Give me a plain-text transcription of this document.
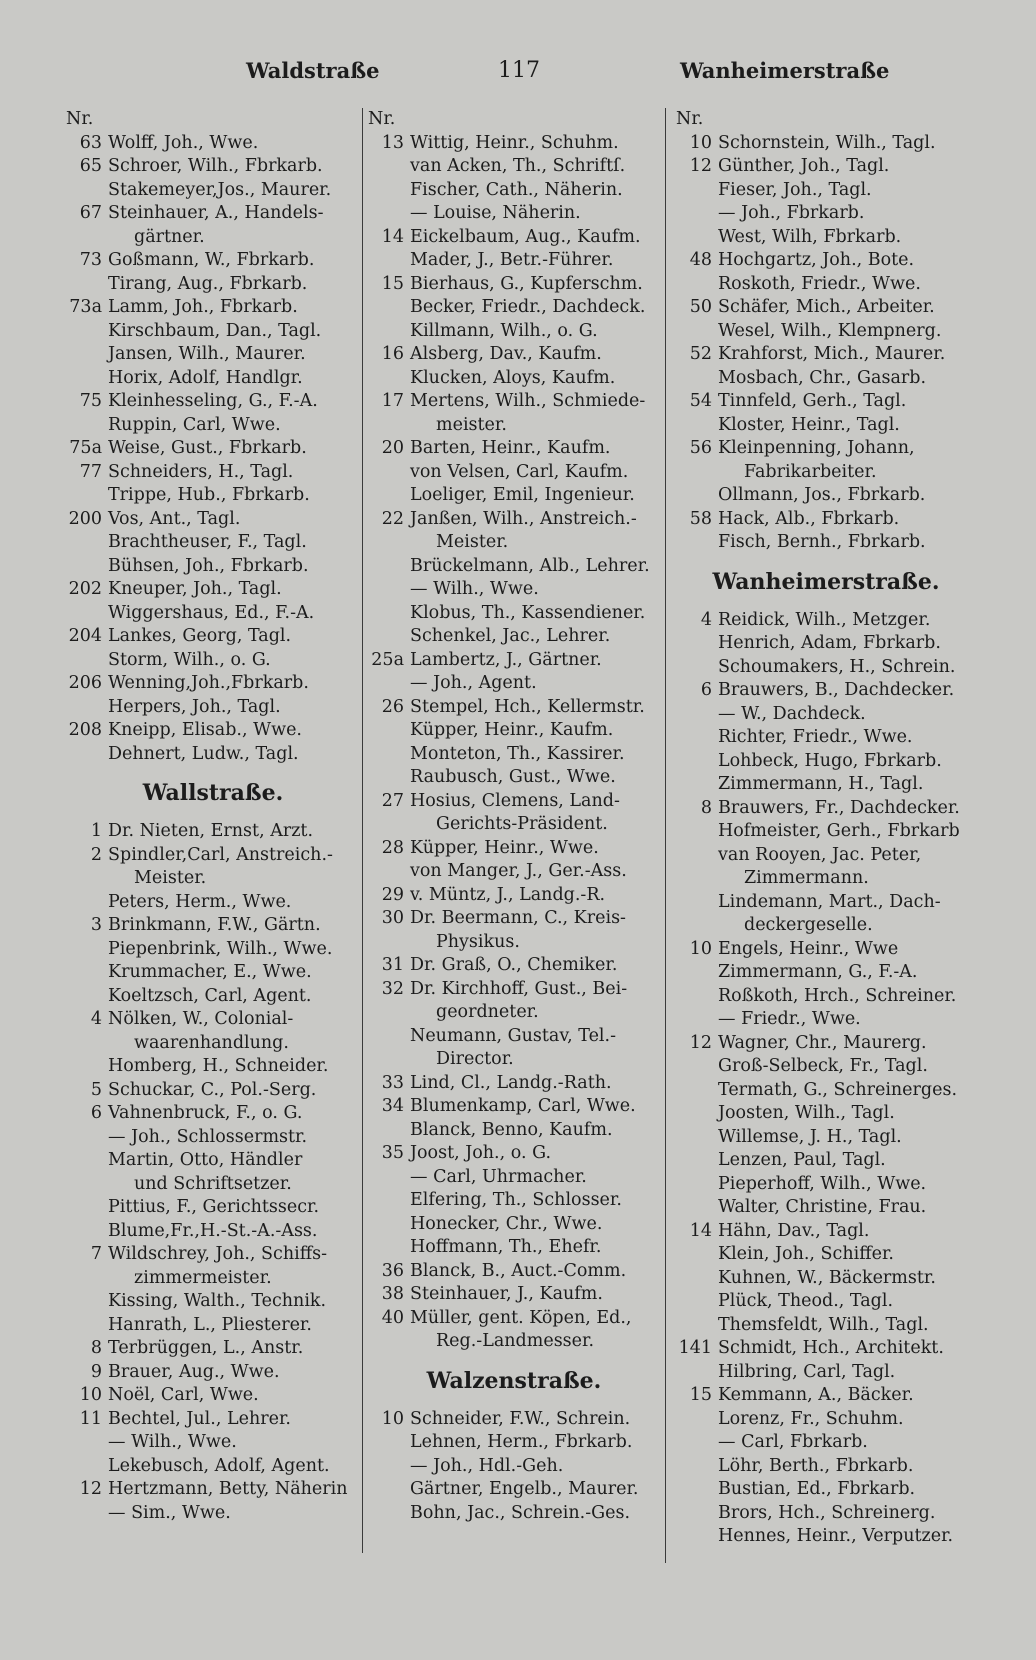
Waldstraße	117	Wanheimerstraße
Nr.
63 Wolff, Joh., Wwe.
65 Schroer, Wilh., Fbrkarb.
Stakemeyer,Jos., Maurer.
67 Steinhauer, A., Handels-
gärtner.
73 Goßmann, W., Fbrkarb.
Tirang, Aug., Fbrkarb.
73a Lamm, Joh., Fbrkarb.
Kirschbaum, Dan., Tagl.
Jansen, Wilh., Maurer.
Horix, Adolf, Handlgr.
75 Kleinhesseling, G., F.-A.
Ruppin, Carl, Wwe.
75a Weise, Gust., Fbrkarb.
77 Schneiders, H., Tagl.
Trippe, Hub., Fbrkarb.
200 Vos, Ant., Tagl.
Brachtheuser, F., Tagl.
Bühsen, Joh., Fbrkarb.
202 Kneuper, Joh., Tagl.
Wiggershaus, Ed., F.-A.
204 Lankes, Georg, Tagl.
Storm, Wilh., o. G.
206 Wenning,Joh.,Fbrkarb.
Herpers, Joh., Tagl.
208 Kneipp, Elisab., Wwe.
Dehnert, Ludw., Tagl.
Wallstraße.
1 Dr. Nieten, Ernst, Arzt.
2 Spindler,Carl, Anstreich.-
Meister.
Peters, Herm., Wwe.
3 Brinkmann, F.W., Gärtn.
Piepenbrink, Wilh., Wwe.
Krummacher, E., Wwe.
Koeltzsch, Carl, Agent.
4 Nölken, W., Colonial-
waarenhandlung.
Homberg, H., Schneider.
5 Schuckar, C., Pol.-Serg.
6 Vahnenbruck, F., o. G.
— Joh., Schlossermstr.
Martin, Otto, Händler
und Schriftsetzer.
Pittius, F., Gerichtssecr.
Blume,Fr.,H.-St.-A.-Ass.
7 Wildschrey, Joh., Schiffs-
zimmermeister.
Kissing, Walth., Technik.
Hanrath, L., Pliesterer.
8 Terbrüggen, L., Anstr.
9 Brauer, Aug., Wwe.
10 Noël, Carl, Wwe.
11 Bechtel, Jul., Lehrer.
— Wilh., Wwe.
Lekebusch, Adolf, Agent.
12 Hertzmann, Betty, Näherin
— Sim., Wwe.
Nr.
13 Wittig, Heinr., Schuhm.
van Acken, Th., Schriftſ.
Fischer, Cath., Näherin.
— Louise, Näherin.
14 Eickelbaum, Aug., Kaufm.
Mader, J., Betr.-Führer.
15 Bierhaus, G., Kupferschm.
Becker, Friedr., Dachdeck.
Killmann, Wilh., o. G.
16 Alsberg, Dav., Kaufm.
Klucken, Aloys, Kaufm.
17 Mertens, Wilh., Schmiede-
meister.
20 Barten, Heinr., Kaufm.
von Velsen, Carl, Kaufm.
Loeliger, Emil, Ingenieur.
22 Janßen, Wilh., Anstreich.-
Meister.
Brückelmann, Alb., Lehrer.
— Wilh., Wwe.
Klobus, Th., Kassendiener.
Schenkel, Jac., Lehrer.
25a Lambertz, J., Gärtner.
— Joh., Agent.
26 Stempel, Hch., Kellermstr.
Küpper, Heinr., Kaufm.
Monteton, Th., Kassirer.
Raubusch, Gust., Wwe.
27 Hosius, Clemens, Land-
Gerichts-Präsident.
28 Küpper, Heinr., Wwe.
von Manger, J., Ger.-Ass.
29 v. Müntz, J., Landg.-R.
30 Dr. Beermann, C., Kreis-
Physikus.
31 Dr. Graß, O., Chemiker.
32 Dr. Kirchhoff, Gust., Bei-
geordneter.
Neumann, Gustav, Tel.-
Director.
33 Lind, Cl., Landg.-Rath.
34 Blumenkamp, Carl, Wwe.
Blanck, Benno, Kaufm.
35 Joost, Joh., o. G.
— Carl, Uhrmacher.
Elfering, Th., Schlosser.
Honecker, Chr., Wwe.
Hoffmann, Th., Ehefr.
36 Blanck, B., Auct.-Comm.
38 Steinhauer, J., Kaufm.
40 Müller, gent. Köpen, Ed.,
Reg.-Landmesser.
Walzenstraße.
10 Schneider, F.W., Schrein.
Lehnen, Herm., Fbrkarb.
— Joh., Hdl.-Geh.
Gärtner, Engelb., Maurer.
Bohn, Jac., Schrein.-Ges.
Nr.
10 Schornstein, Wilh., Tagl.
12 Günther, Joh., Tagl.
Fieser, Joh., Tagl.
— Joh., Fbrkarb.
West, Wilh, Fbrkarb.
48 Hochgartz, Joh., Bote.
Roskoth, Friedr., Wwe.
50 Schäfer, Mich., Arbeiter.
Wesel, Wilh., Klempnerg.
52 Krahforst, Mich., Maurer.
Mosbach, Chr., Gasarb.
54 Tinnfeld, Gerh., Tagl.
Kloster, Heinr., Tagl.
56 Kleinpenning, Johann,
Fabrikarbeiter.
Ollmann, Jos., Fbrkarb.
58 Hack, Alb., Fbrkarb.
Fisch, Bernh., Fbrkarb.
Wanheimerstraße.
4 Reidick, Wilh., Metzger.
Henrich, Adam, Fbrkarb.
Schoumakers, H., Schrein.
6 Brauwers, B., Dachdecker.
— W., Dachdeck.
Richter, Friedr., Wwe.
Lohbeck, Hugo, Fbrkarb.
Zimmermann, H., Tagl.
8 Brauwers, Fr., Dachdecker.
Hofmeister, Gerh., Fbrkarb
van Rooyen, Jac. Peter,
Zimmermann.
Lindemann, Mart., Dach-
deckergeselle.
10 Engels, Heinr., Wwe
Zimmermann, G., F.-A.
Roßkoth, Hrch., Schreiner.
— Friedr., Wwe.
12 Wagner, Chr., Maurerg.
Groß-Selbeck, Fr., Tagl.
Termath, G., Schreinerges.
Joosten, Wilh., Tagl.
Willemse, J. H., Tagl.
Lenzen, Paul, Tagl.
Pieperhoff, Wilh., Wwe.
Walter, Christine, Frau.
14 Hähn, Dav., Tagl.
Klein, Joh., Schiffer.
Kuhnen, W., Bäckermstr.
Plück, Theod., Tagl.
Themsfeldt, Wilh., Tagl.
141 Schmidt, Hch., Architekt.
Hilbring, Carl, Tagl.
15 Kemmann, A., Bäcker.
Lorenz, Fr., Schuhm.
— Carl, Fbrkarb.
Löhr, Berth., Fbrkarb.
Bustian, Ed., Fbrkarb.
Brors, Hch., Schreinerg.
Hennes, Heinr., Verputzer.
